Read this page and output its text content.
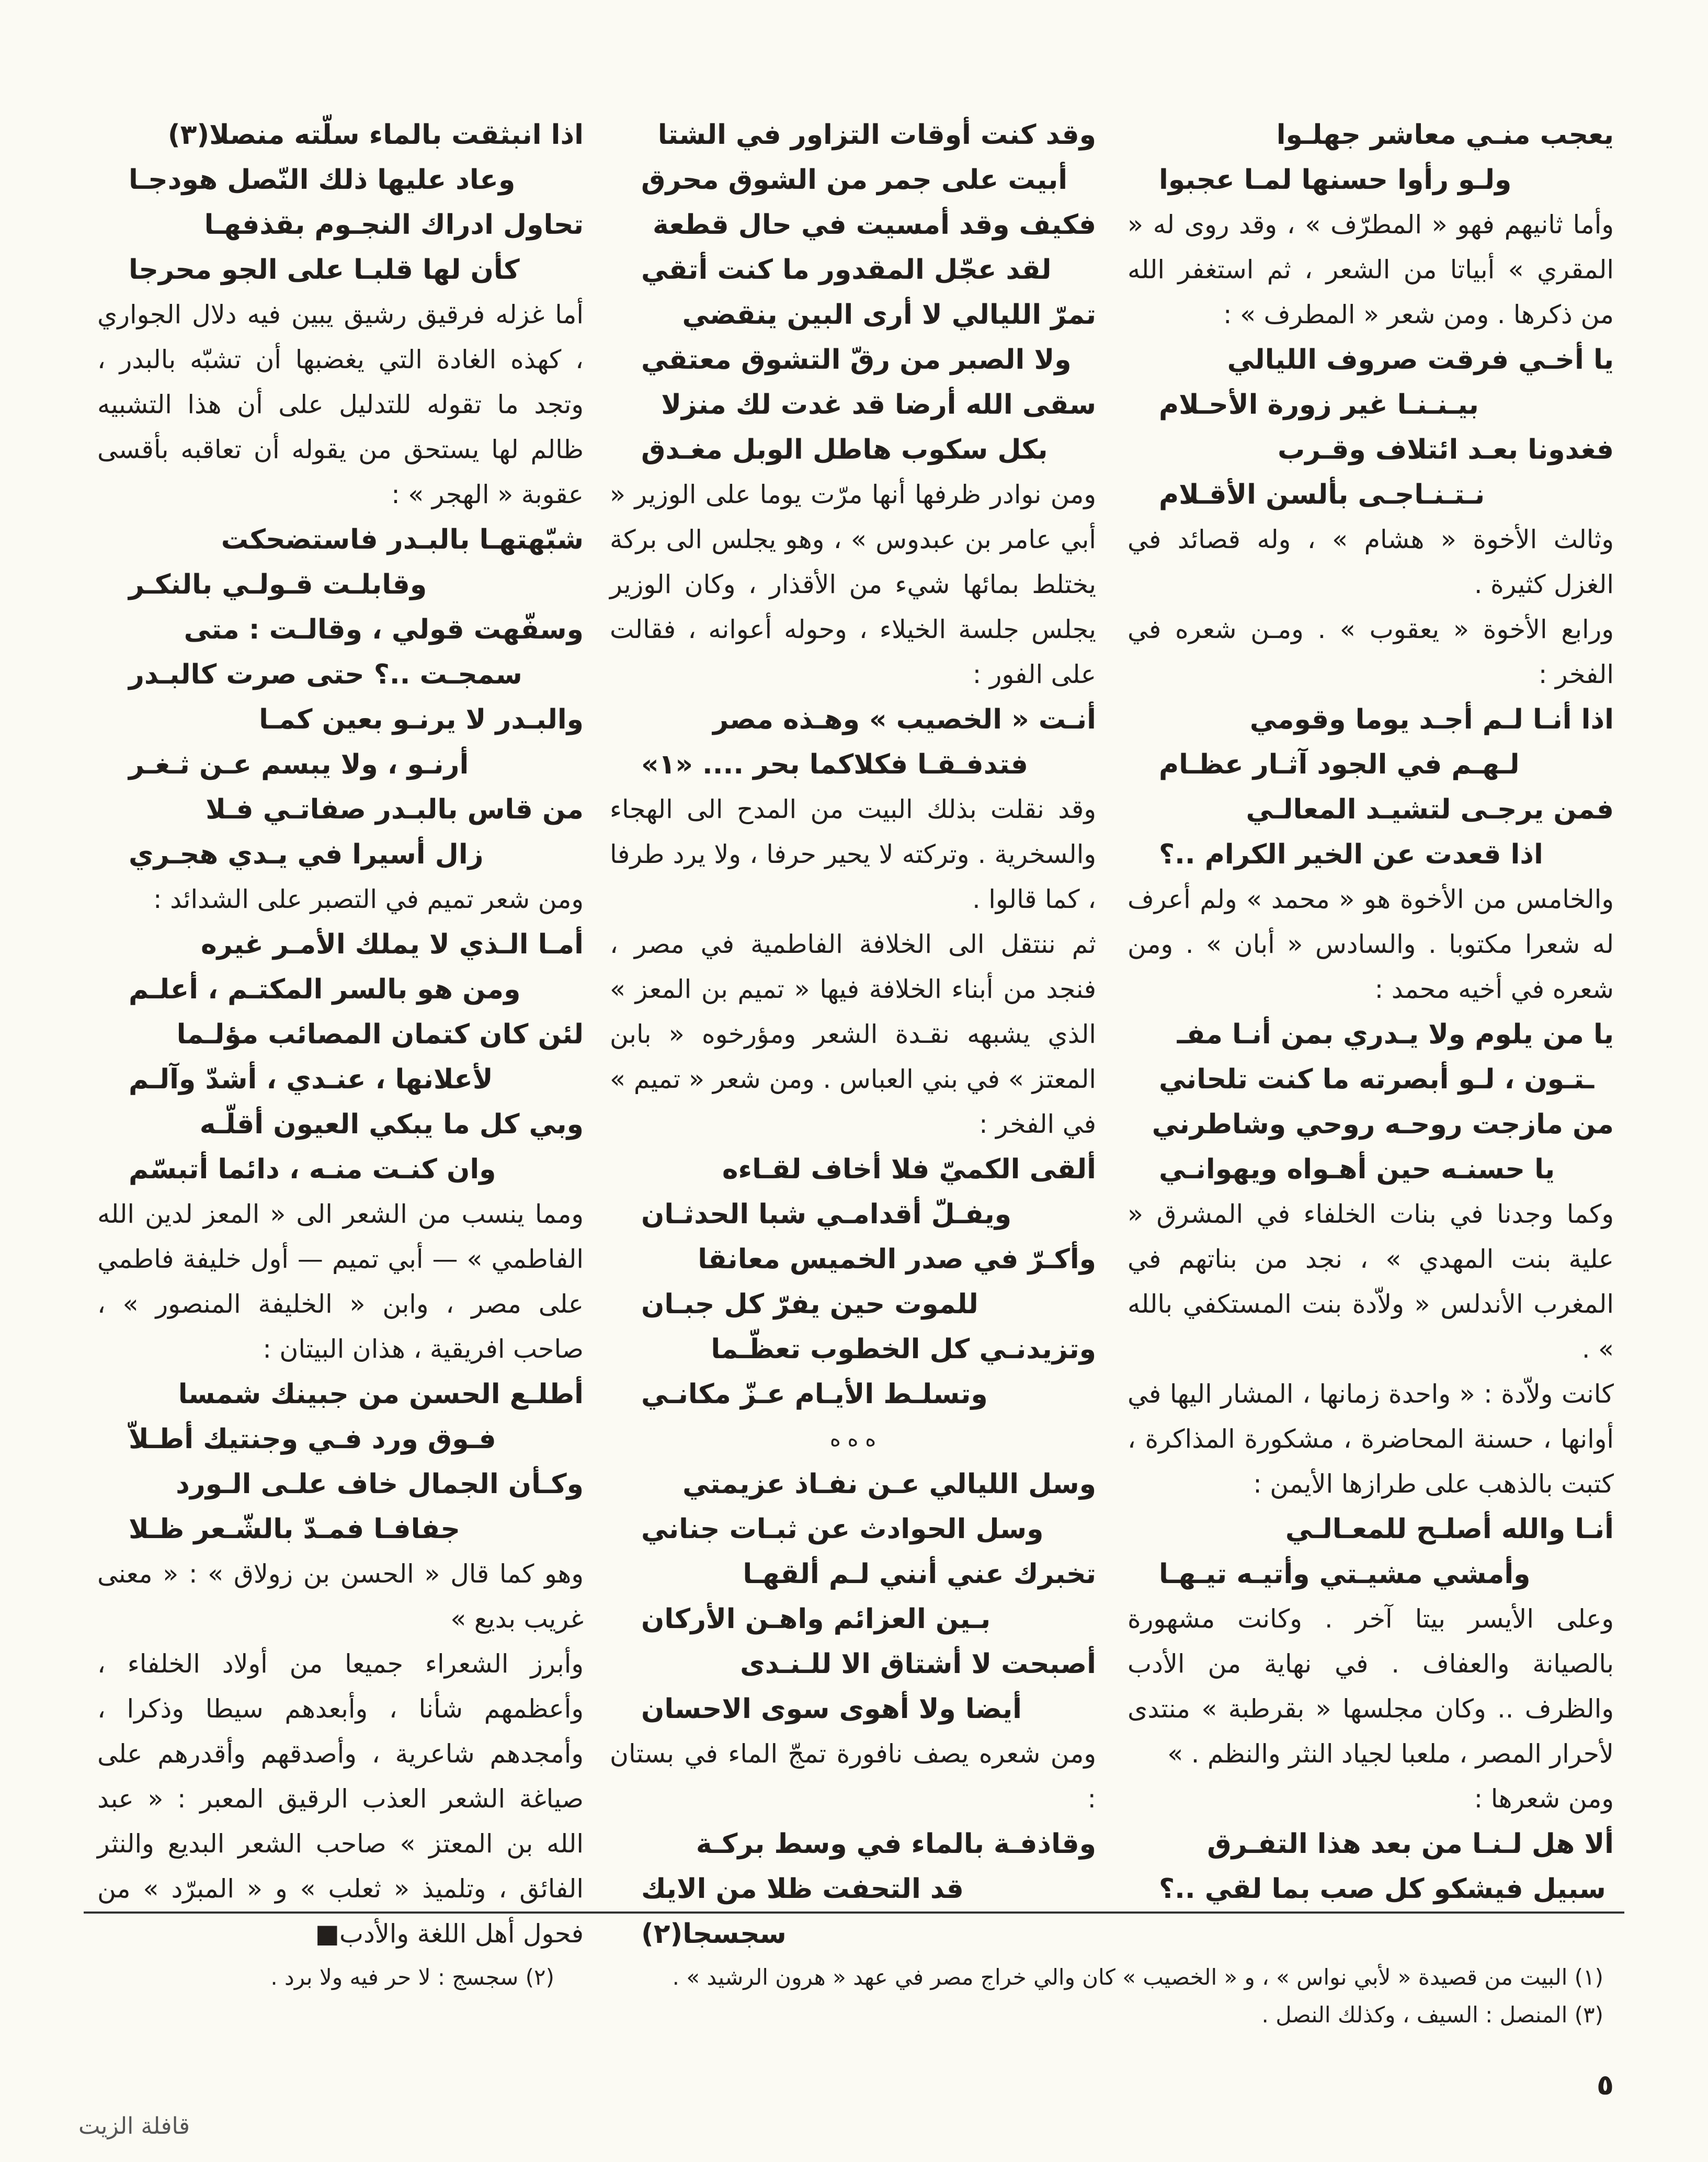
يعجب منـي معاشر جهلـوا

ولـو رأوا حسنها لمـا عجبوا

وأما ثانيهم فهو « المطرّف » ، وقد روى له « المقري » أبياتا من الشعر ، ثم استغفر الله من ذكرها . ومن شعر « المطرف » :

يا أخـي فرقت صروف الليالي

بيـنـنـا غير زورة الأحـلام

فغدونا بعـد ائتلاف وقـرب

نـتـنـاجـى بألسن الأقـلام

وثالث الأخوة « هشام » ، وله قصائد في الغزل كثيرة .

ورابع الأخوة « يعقوب » . ومـن شعره في الفخر :

اذا أنـا لـم أجـد يوما وقومي

لـهـم في الجود آثـار عظـام

فمن يرجـى لتشيـد المعالـي

اذا قعدت عن الخير الكرام ..؟

والخامس من الأخوة هو « محمد » ولم أعرف له شعرا مكتوبا . والسادس « أبان » . ومن شعره في أخيه محمد :

يا من يلوم ولا يـدري بمن أنـا مفـ

ـتـون ، لـو أبصرته ما كنت تلحاني

من مازجت روحـه روحي وشاطرني

يا حسنـه حين أهـواه ويهوانـي

وكما وجدنا في بنات الخلفاء في المشرق « علية بنت المهدي » ، نجد من بناتهم في المغرب الأندلس « ولاّدة بنت المستكفي بالله » .

كانت ولاّدة : « واحدة زمانها ، المشار اليها في أوانها ، حسنة المحاضرة ، مشكورة المذاكرة ، كتبت بالذهب على طرازها الأيمن :

أنـا والله أصلـح للمعـالـي

وأمشي مشيـتي وأتيـه تيـهـا

وعلى الأيسر بيتا آخر . وكانت مشهورة بالصيانة والعفاف . في نهاية من الأدب والظرف .. وكان مجلسها « بقرطبة » منتدى لأحرار المصر ، ملعبا لجياد النثر والنظم . »

ومن شعرها :

ألا هل لـنـا من بعد هذا التفـرق

سبيل فيشكو كل صب بما لقي ..؟

وقد كنت أوقات التزاور في الشتا

أبيت على جمر من الشوق محرق

فكيف وقد أمسيت في حال قطعة

لقد عجّل المقدور ما كنت أتقي

تمرّ الليالي لا أرى البين ينقضي

ولا الصبر من رقّ التشوق معتقي

سقى الله أرضا قد غدت لك منزلا

بكل سكوب هاطل الوبل مغـدق

ومن نوادر ظرفها أنها مرّت يوما على الوزير « أبي عامر بن عبدوس » ، وهو يجلس الى بركة يختلط بمائها شيء من الأقذار ، وكان الوزير يجلس جلسة الخيلاء ، وحوله أعوانه ، فقالت على الفور :

أنـت « الخصيب » وهـذه مصر

فتدفـقـا فكلاكما بحر .... «١»

وقد نقلت بذلك البيت من المدح الى الهجاء والسخرية . وتركته لا يحير حرفا ، ولا يرد طرفا ، كما قالوا .

ثم ننتقل الى الخلافة الفاطمية في مصر ، فنجد من أبناء الخلافة فيها « تميم بن المعز » الذي يشبهه نقـدة الشعر ومؤرخوه « بابن المعتز » في بني العباس . ومن شعر « تميم » في الفخر :

ألقى الكميّ فلا أخاف لقـاءه

ويفـلّ أقدامـي شبا الحدثـان

وأكـرّ في صدر الخميس معانقا

للموت حين يفرّ كل جبـان

وتزيدنـي كل الخطوب تعظّـما

وتسلـط الأيـام عـزّ مكانـي

ه ه ه

وسل الليالي عـن نفـاذ عزيمتي

وسل الحوادث عن ثبـات جناني

تخبرك عني أنني لـم ألقهـا

بـين العزائم واهـن الأركان

أصبحت لا أشتاق الا للـنـدى

أيضا ولا أهوى سوى الاحسان

ومن شعره يصف نافورة تمجّ الماء في بستان :

وقاذفـة بالماء في وسط بركـة

قد التحفت ظلا من الايك سجسجا(٢)

اذا انبثقت بالماء سلّته منصلا(٣)

وعاد عليها ذلك النّصل هودجـا

تحاول ادراك النجـوم بقذفهـا

كأن لها قلبـا على الجو محرجا

أما غزله فرقيق رشيق يبين فيه دلال الجواري ، كهذه الغادة التي يغضبها أن تشبّه بالبدر ، وتجد ما تقوله للتدليل على أن هذا التشبيه ظالم لها يستحق من يقوله أن تعاقبه بأقسى عقوبة « الهجر » :

شبّهتهـا بالبـدر فاستضحكت

وقابلـت قـولـي بالنكـر

وسفّهت قولي ، وقالـت : متى

سمجـت ..؟ حتى صرت كالبـدر

والبـدر لا يرنـو بعين كمـا

أرنـو ، ولا يبسم عـن ثـغـر

من قاس بالبـدر صفاتـي فـلا

زال أسيرا في يـدي هجـري

ومن شعر تميم في التصبر على الشدائد :

أمـا الـذي لا يملك الأمـر غيره

ومن هو بالسر المكتـم ، أعلـم

لئن كان كتمان المصائب مؤلـما

لأعلانها ، عنـدي ، أشدّ وآلـم

وبي كل ما يبكي العيون أقلّـه

وان كنـت منـه ، دائما أتبسّم

ومما ينسب من الشعر الى « المعز لدين الله الفاطمي » — أبي تميم — أول خليفة فاطمي على مصر ، وابن « الخليفة المنصور » ، صاحب افريقية ، هذان البيتان :

أطلـع الحسن من جبينك شمسا

فـوق ورد فـي وجنتيك أطـلاّ

وكـأن الجمال خاف علـى الـورد

جفافـا فمـدّ بالشّـعر ظـلا

وهو كما قال « الحسن بن زولاق » : « معنى غريب بديع »

وأبرز الشعراء جميعا من أولاد الخلفاء ، وأعظمهم شأنا ، وأبعدهم سيطا وذكرا ، وأمجدهم شاعرية ، وأصدقهم وأقدرهم على صياغة الشعر العذب الرقيق المعبر : « عبد الله بن المعتز » صاحب الشعر البديع والنثر الفائق ، وتلميذ « ثعلب » و « المبرّد » من فحول أهل اللغة والأدب■

(١) البيت من قصيدة « لأبي نواس » ، و « الخصيب » كان والي خراج مصر في عهد « هرون الرشيد » .

(٣) المنصل : السيف ، وكذلك النصل .

(٢) سجسج : لا حر فيه ولا برد .

٥
قافلة الزيت
